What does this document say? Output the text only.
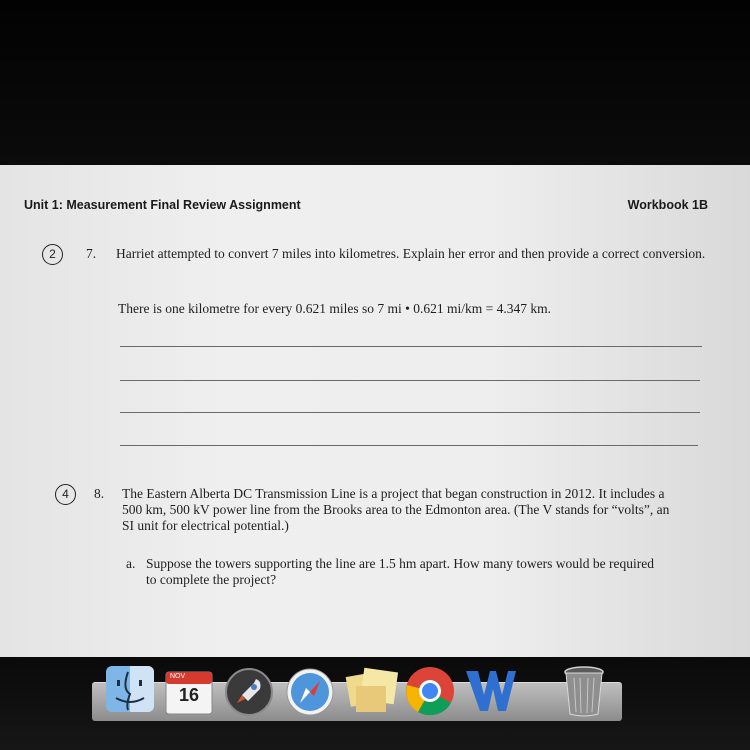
Unit 1: Measurement Final Review Assignment	Workbook 1B
2	7. Harriet attempted to convert 7 miles into kilometres. Explain her error and then provide a correct conversion.
There is one kilometre for every 0.621 miles so 7 mi • 0.621 mi/km = 4.347 km.
4	8. The Eastern Alberta DC Transmission Line is a project that began construction in 2012. It includes a 500 km, 500 kV power line from the Brooks area to the Edmonton area. (The V stands for “volts”, an SI unit for electrical potential.)
a. Suppose the towers supporting the line are 1.5 hm apart. How many towers would be required to complete the project?
NOV
16
